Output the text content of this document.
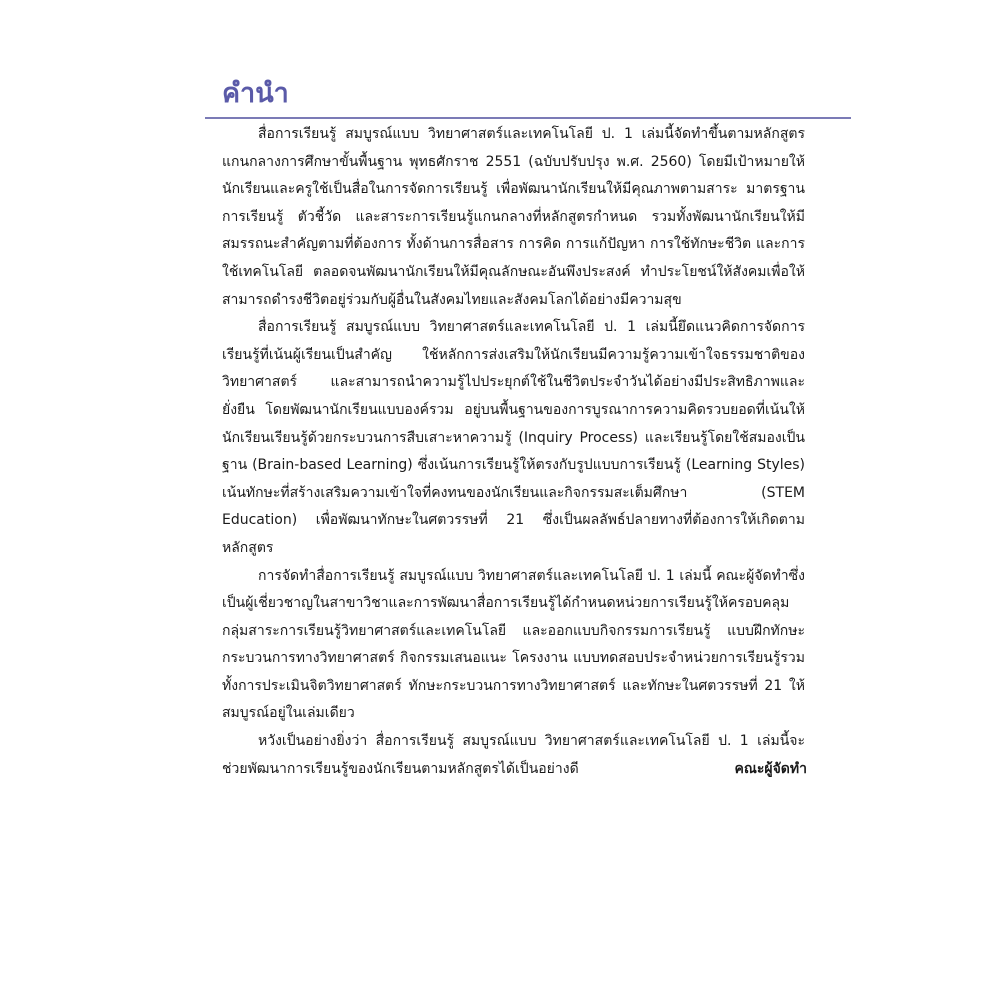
คำนำ

สื่อการเรียนรู้ สมบูรณ์แบบ วิทยาศาสตร์และเทคโนโลยี ป. 1 เล่มนี้จัดทำขึ้นตามหลักสูตรแกนกลางการศึกษาขั้นพื้นฐาน พุทธศักราช 2551 (ฉบับปรับปรุง พ.ศ. 2560) โดยมีเป้าหมายให้นักเรียนและครูใช้เป็นสื่อในการจัดการเรียนรู้ เพื่อพัฒนานักเรียนให้มีคุณภาพตามสาระ มาตรฐานการเรียนรู้ ตัวชี้วัด และสาระการเรียนรู้แกนกลางที่หลักสูตรกำหนด รวมทั้งพัฒนานักเรียนให้มีสมรรถนะสำคัญตามที่ต้องการ ทั้งด้านการสื่อสาร การคิด การแก้ปัญหา การใช้ทักษะชีวิต และการใช้เทคโนโลยี ตลอดจนพัฒนานักเรียนให้มีคุณลักษณะอันพึงประสงค์ ทำประโยชน์ให้สังคมเพื่อให้สามารถดำรงชีวิตอยู่ร่วมกับผู้อื่นในสังคมไทยและสังคมโลกได้อย่างมีความสุข

สื่อการเรียนรู้ สมบูรณ์แบบ วิทยาศาสตร์และเทคโนโลยี ป. 1 เล่มนี้ยึดแนวคิดการจัดการเรียนรู้ที่เน้นผู้เรียนเป็นสำคัญ ใช้หลักการส่งเสริมให้นักเรียนมีความรู้ความเข้าใจธรรมชาติของวิทยาศาสตร์ และสามารถนำความรู้ไปประยุกต์ใช้ในชีวิตประจำวันได้อย่างมีประสิทธิภาพและยั่งยืน โดยพัฒนานักเรียนแบบองค์รวม อยู่บนพื้นฐานของการบูรณาการความคิดรวบยอดที่เน้นให้นักเรียนเรียนรู้ด้วยกระบวนการสืบเสาะหาความรู้ (Inquiry Process) และเรียนรู้โดยใช้สมองเป็นฐาน (Brain-based Learning) ซึ่งเน้นการเรียนรู้ให้ตรงกับรูปแบบการเรียนรู้ (Learning Styles) เน้นทักษะที่สร้างเสริมความเข้าใจที่คงทนของนักเรียนและกิจกรรมสะเต็มศึกษา (STEM Education) เพื่อพัฒนาทักษะในศตวรรษที่ 21 ซึ่งเป็นผลลัพธ์ปลายทางที่ต้องการให้เกิดตามหลักสูตร

การจัดทำสื่อการเรียนรู้ สมบูรณ์แบบ วิทยาศาสตร์และเทคโนโลยี ป. 1 เล่มนี้ คณะผู้จัดทำซึ่งเป็นผู้เชี่ยวชาญในสาขาวิชาและการพัฒนาสื่อการเรียนรู้ได้กำหนดหน่วยการเรียนรู้ให้ครอบคลุมกลุ่มสาระการเรียนรู้วิทยาศาสตร์และเทคโนโลยี และออกแบบกิจกรรมการเรียนรู้ แบบฝึกทักษะกระบวนการทางวิทยาศาสตร์ กิจกรรมเสนอแนะ โครงงาน แบบทดสอบประจำหน่วยการเรียนรู้รวมทั้งการประเมินจิตวิทยาศาสตร์ ทักษะกระบวนการทางวิทยาศาสตร์ และทักษะในศตวรรษที่ 21 ให้สมบูรณ์อยู่ในเล่มเดียว

หวังเป็นอย่างยิ่งว่า สื่อการเรียนรู้ สมบูรณ์แบบ วิทยาศาสตร์และเทคโนโลยี ป. 1 เล่มนี้จะช่วยพัฒนาการเรียนรู้ของนักเรียนตามหลักสูตรได้เป็นอย่างดี	คณะผู้จัดทำ
